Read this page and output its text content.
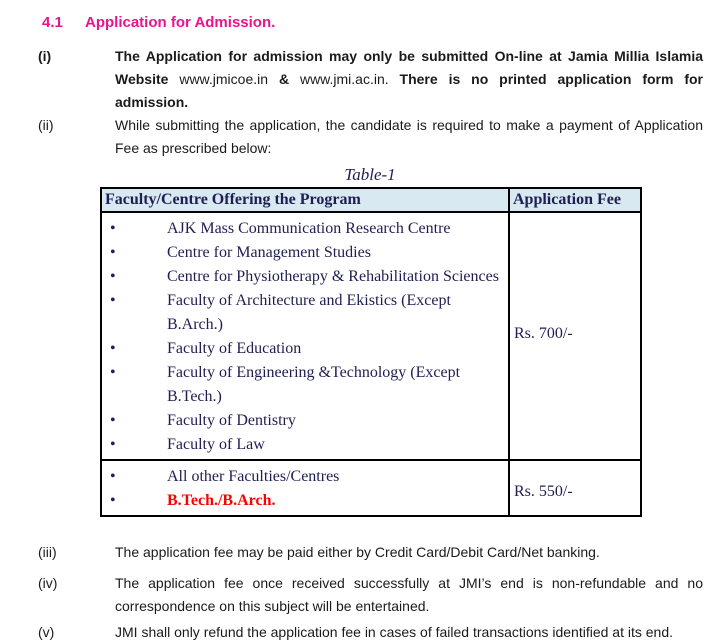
4.1	Application for Admission.
(i)	The Application for admission may only be submitted On-line at Jamia Millia Islamia Website www.jmicoe.in & www.jmi.ac.in. There is no printed application form for admission.

(ii)	While submitting the application, the candidate is required to make a payment of Application Fee as prescribed below:

Table-1
Faculty/Centre Offering the Program	Application Fee

• AJK Mass Communication Research Centre
• Centre for Management Studies
• Centre for Physiotherapy & Rehabilitation Sciences
• Faculty of Architecture and Ekistics (Except B.Arch.)
• Faculty of Education
• Faculty of Engineering &Technology (Except B.Tech.)
• Faculty of Dentistry
• Faculty of Law
	Rs. 700/-

• All other Faculties/Centres
• B.Tech./B.Arch.
	Rs. 550/-
(iii)	The application fee may be paid either by Credit Card/Debit Card/Net banking.

(iv)	The application fee once received successfully at JMI’s end is non-refundable and no correspondence on this subject will be entertained.

(v)	JMI shall only refund the application fee in cases of failed transactions identified at its end.
